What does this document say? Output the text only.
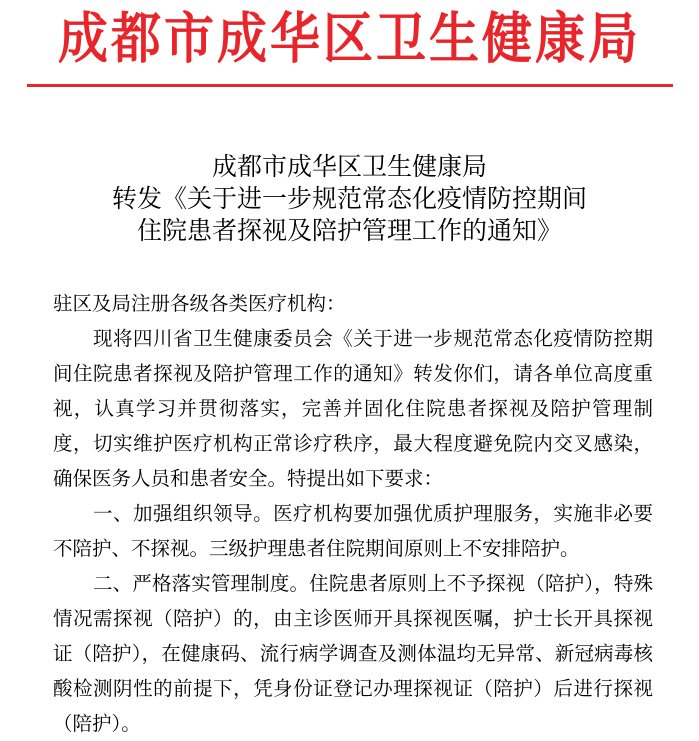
成都市成华区卫生健康局
成都市成华区卫生健康局
转发《关于进一步规范常态化疫情防控期间
住院患者探视及陪护管理工作的通知》

驻区及局注册各级各类医疗机构：

现将四川省卫生健康委员会《关于进一步规范常态化疫情防控期间住院患者探视及陪护管理工作的通知》转发你们，请各单位高度重视，认真学习并贯彻落实，完善并固化住院患者探视及陪护管理制度，切实维护医疗机构正常诊疗秩序，最大程度避免院内交叉感染，确保医务人员和患者安全。特提出如下要求：

一、加强组织领导。医疗机构要加强优质护理服务，实施非必要不陪护、不探视。三级护理患者住院期间原则上不安排陪护。

二、严格落实管理制度。住院患者原则上不予探视（陪护），特殊情况需探视（陪护）的，由主诊医师开具探视医嘱，护士长开具探视证（陪护），在健康码、流行病学调查及测体温均无异常、新冠病毒核酸检测阴性的前提下，凭身份证登记办理探视证（陪护）后进行探视（陪护）。
